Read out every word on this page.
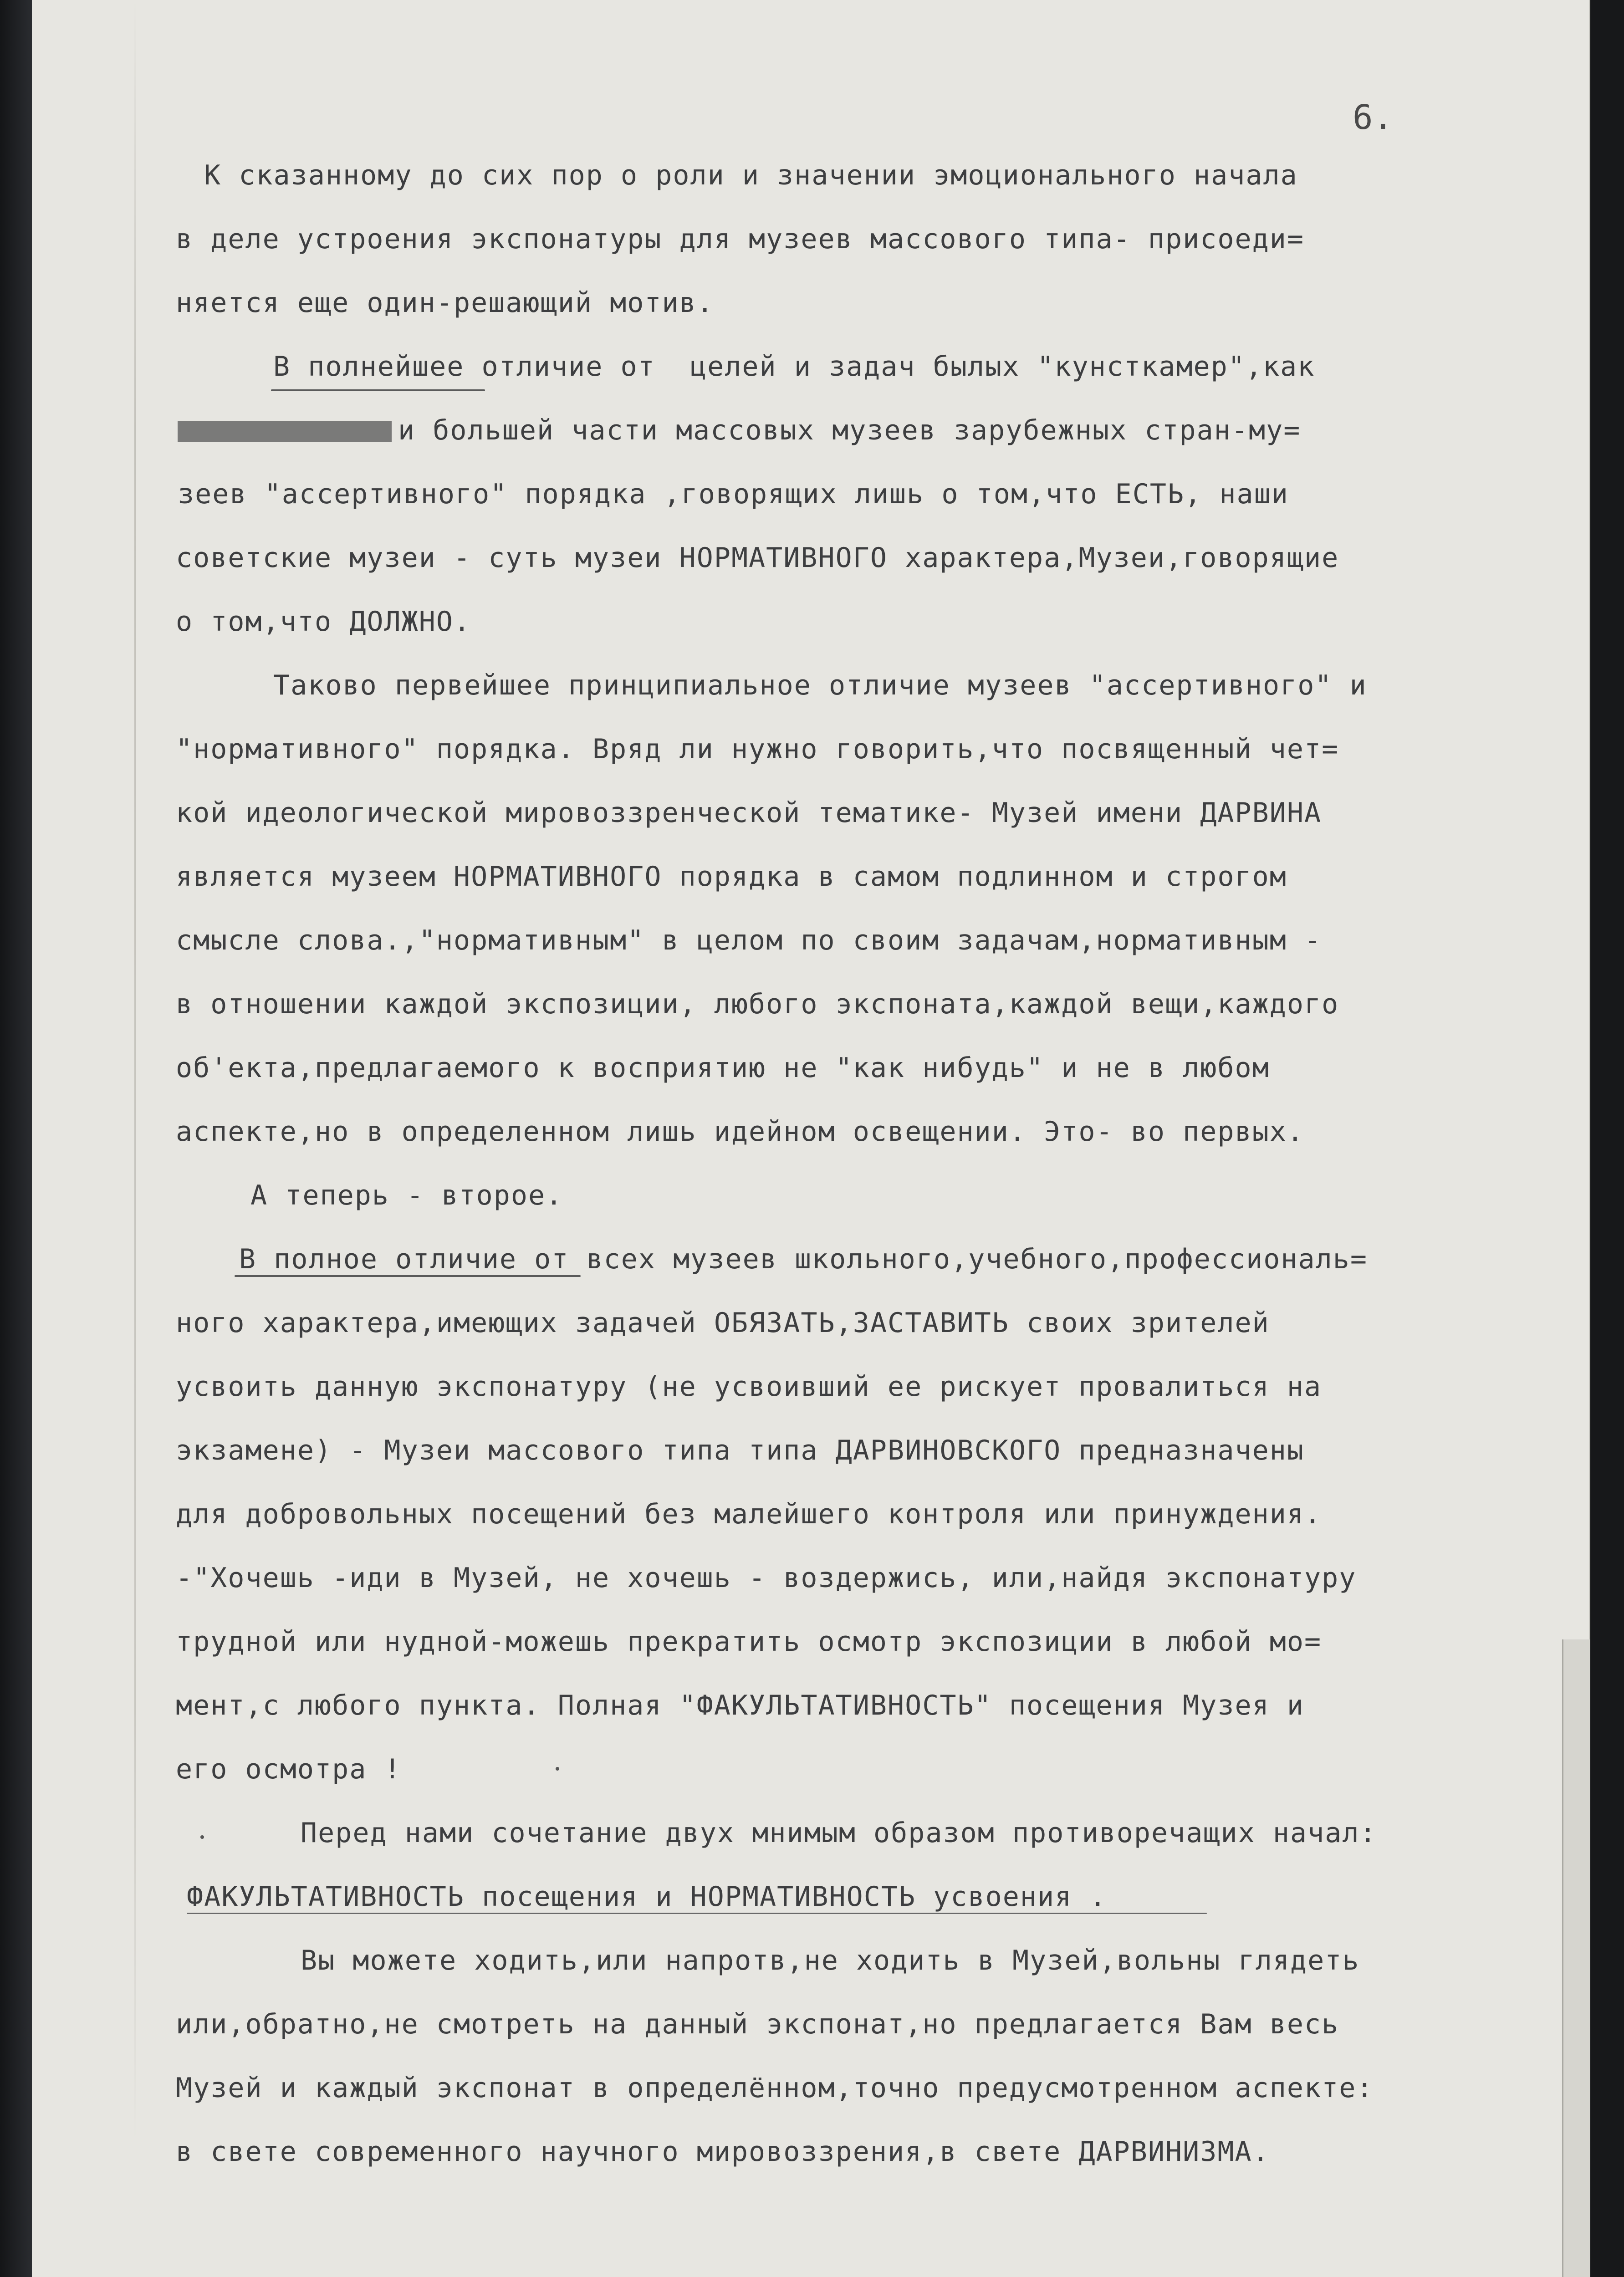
6.
К сказанному до сих пор о роли и значении эмоционального начала
в деле устроения экспонатуры для музеев массового типа- присоеди=
няется еще один-решающий мотив.
В полнейшее отличие от  целей и задач былых "кунсткамер",как
и большей части массовых музеев зарубежных стран-му=
зеев "ассертивного" порядка ,говорящих лишь о том,что ЕСТЬ, наши
советские музеи - суть музеи НОРМАТИВНОГО характера,Музеи,говорящие
о том,что ДОЛЖНО.
Таково первейшее принципиальное отличие музеев "ассертивного" и
"нормативного" порядка. Вряд ли нужно говорить,что посвященный чет=
кой идеологической мировоззренческой тематике- Музей имени ДАРВИНА
является музеем НОРМАТИВНОГО порядка в самом подлинном и строгом
смысле слова.,"нормативным" в целом по своим задачам,нормативным -
в отношении каждой экспозиции, любого экспоната,каждой вещи,каждого
об'екта,предлагаемого к восприятию не "как нибудь" и не в любом
аспекте,но в определенном лишь идейном освещении. Это- во первых.
А теперь - второе.
В полное отличие от всех музеев школьного,учебного,профессиональ=
ного характера,имеющих задачей ОБЯЗАТЬ,ЗАСТАВИТЬ своих зрителей
усвоить данную экспонатуру (не усвоивший ее рискует провалиться на
экзамене) - Музеи массового типа типа ДАРВИНОВСКОГО предназначены
для добровольных посещений без малейшего контроля или принуждения.
-"Хочешь -иди в Музей, не хочешь - воздержись, или,найдя экспонатуру
трудной или нудной-можешь прекратить осмотр экспозиции в любой мо=
мент,с любого пункта. Полная "ФАКУЛЬТАТИВНОСТЬ" посещения Музея и
его осмотра !
Перед нами сочетание двух мнимым образом противоречащих начал:
ФАКУЛЬТАТИВНОСТЬ посещения и НОРМАТИВНОСТЬ усвоения .
Вы можете ходить,или напротв,не ходить в Музей,вольны глядеть
или,обратно,не смотреть на данный экспонат,но предлагается Вам весь
Музей и каждый экспонат в определённом,точно предусмотренном аспекте:
в свете современного научного мировоззрения,в свете ДАРВИНИЗМА.
